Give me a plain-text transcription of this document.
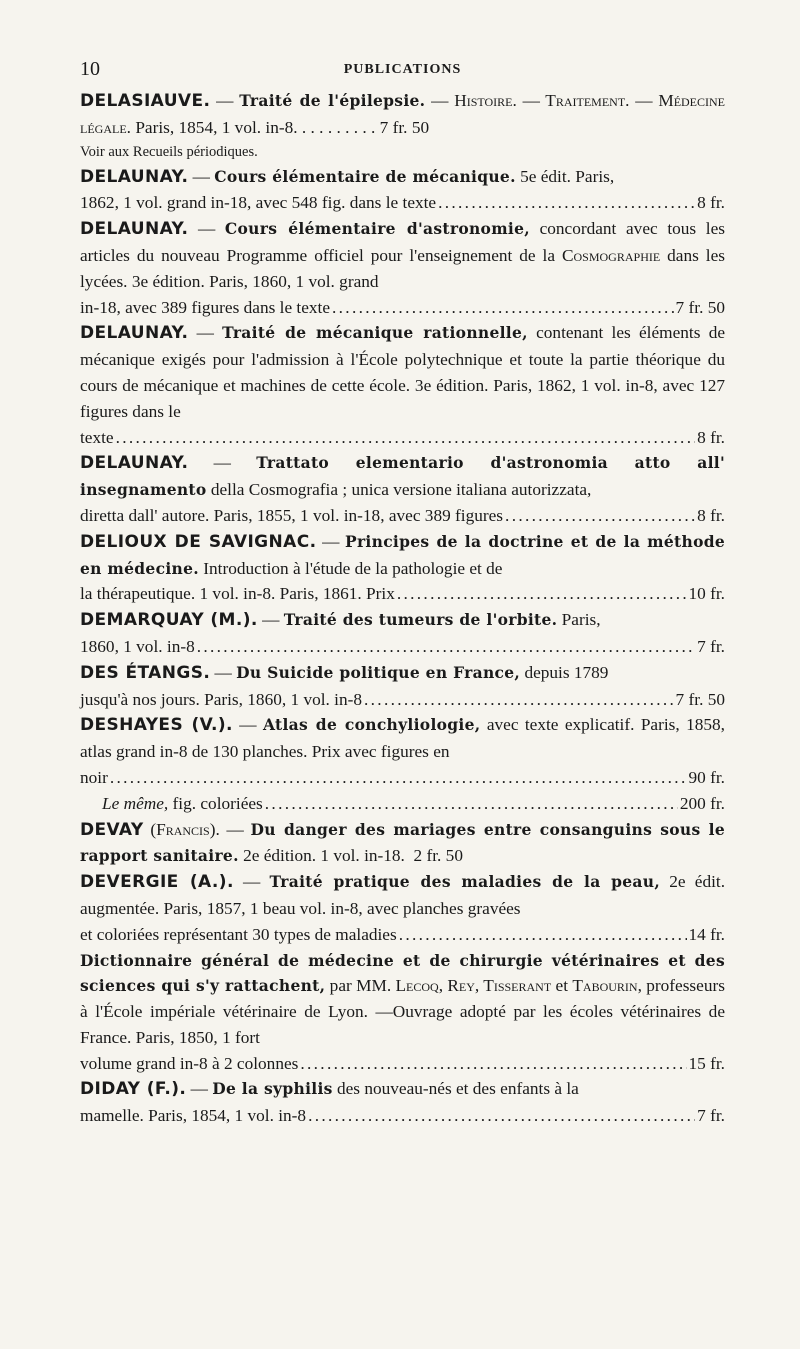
10	PUBLICATIONS
DELASIAUVE. — Traité de l'épilepsie. — Histoire. — Traitement. — Médecine légale. Paris, 1854, 1 vol. in-8. . . . . . . . . . 7 fr. 50
Voir aux Recueils périodiques.
DELAUNAY. — Cours élémentaire de mécanique. 5e édit. Paris,
1862, 1 vol. grand in-18, avec 548 fig. dans le texte . . .	8 fr.
DELAUNAY. — Cours élémentaire d'astronomie, concordant avec tous les articles du nouveau Programme officiel pour l'enseignement de la Cosmographie dans les lycées. 3e édition. Paris, 1860, 1 vol. grand
in-18, avec 389 figures dans le texte . . .	7 fr. 50
DELAUNAY. — Traité de mécanique rationnelle, contenant les éléments de mécanique exigés pour l'admission à l'École polytechnique et toute la partie théorique du cours de mécanique et machines de cette école. 3e édition. Paris, 1862, 1 vol. in-8, avec 127 figures dans le
texte . . .	8 fr.
DELAUNAY. — Trattato elementario d'astronomia atto all' insegnamento della Cosmografia ; unica versione italiana autorizzata,
diretta dall' autore. Paris, 1855, 1 vol. in-18, avec 389 figures . . .	8 fr.
DELIOUX DE SAVIGNAC. — Principes de la doctrine et de la méthode en médecine. Introduction à l'étude de la pathologie et de
la thérapeutique. 1 vol. in-8. Paris, 1861. Prix . . .	10 fr.
DEMARQUAY (M.). — Traité des tumeurs de l'orbite. Paris,
1860, 1 vol. in-8 . . .	7 fr.
DES ÉTANGS. — Du Suicide politique en France, depuis 1789
jusqu'à nos jours. Paris, 1860, 1 vol. in-8 . . .	7 fr. 50
DESHAYES (V.). — Atlas de conchyliologie, avec texte explicatif. Paris, 1858, atlas grand in-8 de 130 planches. Prix avec figures en
noir . . .	90 fr.
Le même, fig. coloriées . . .	200 fr.
DEVAY (Francis). — Du danger des mariages entre consanguins sous le rapport sanitaire. 2e édition. 1 vol. in-18. 2 fr. 50
DEVERGIE (A.). — Traité pratique des maladies de la peau, 2e édit. augmentée. Paris, 1857, 1 beau vol. in-8, avec planches gravées
et coloriées représentant 30 types de maladies . . .	14 fr.
Dictionnaire général de médecine et de chirurgie vétérinaires et des sciences qui s'y rattachent, par MM. Lecoq, Rey, Tisserant et Tabourin, professeurs à l'École impériale vétérinaire de Lyon. —Ouvrage adopté par les écoles vétérinaires de France. Paris, 1850, 1 fort
volume grand in-8 à 2 colonnes . . .	15 fr.
DIDAY (F.). — De la syphilis des nouveau-nés et des enfants à la
mamelle. Paris, 1854, 1 vol. in-8 . . .	7 fr.
